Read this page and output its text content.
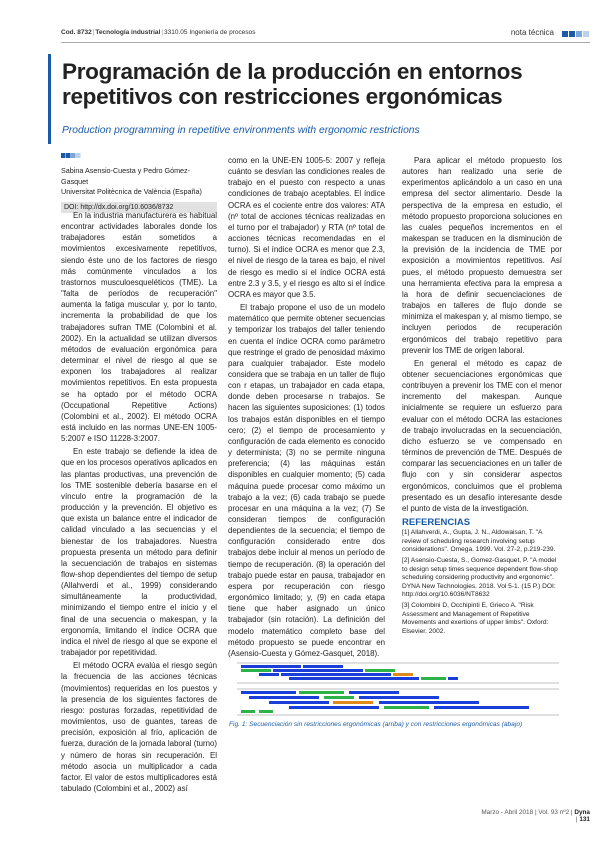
Cod. 8732|Tecnología industrial|3310.05 Ingeniería de procesos	nota técnica
Programación de la producción en entornos repetitivos con restricciones ergonómicas
Production programming in repetitive environments with ergonomic restrictions
Sabina Asensio-Cuesta y Pedro Gómez-Gasquet
Universitat Politècnica de València (España)
DOI: http://dx.doi.org/10.6036/8732

En la industria manufacturera es habitual encontrar actividades laborales donde los trabajadores están sometidos a movimientos excesivamente repetitivos, siendo éste uno de los factores de riesgo más comúnmente vinculados a los trastornos musculoesqueléticos (TME). La "falta de períodos de recuperación" aumenta la fatiga muscular y, por lo tanto, incrementa la probabilidad de que los trabajadores sufran TME (Colombini et al. 2002). En la actualidad se utilizan diversos métodos de evaluación ergonómica para determinar el nivel de riesgo al que se exponen los trabajadores al realizar movimientos repetitivos. En esta propuesta se ha optado por el método OCRA (Occupational Repetitive Actions) (Colombini et al., 2002). El método OCRA está incluido en las normas UNE-EN 1005-5:2007 e ISO 11228-3:2007.

En este trabajo se defiende la idea de que en los procesos operativos aplicados en las plantas productivas, una prevención de los TME sostenible debería basarse en el vínculo entre la programación de la producción y la prevención. El objetivo es que exista un balance entre el indicador de calidad vinculado a las secuencias y el bienestar de los trabajadores. Nuestra propuesta presenta un método para definir la secuenciación de trabajos en sistemas flow-shop dependientes del tiempo de setup (Allahverdi et al., 1999) considerando simultáneamente la productividad, minimizando el tiempo entre el inicio y el final de una secuencia o makespan, y la ergonomía, limitando el índice OCRA que indica el nivel de riesgo al que se expone el trabajador por repetitividad.

El método OCRA evalúa el riesgo según la frecuencia de las acciones técnicas (movimientos) requeridas en los puestos y la presencia de los siguientes factores de riesgo: posturas forzadas, repetitividad de movimientos, uso de guantes, tareas de precisión, exposición al frío, aplicación de fuerza, duración de la jornada laboral (turno) y número de horas sin recuperación. El método asocia un multiplicador a cada factor. El valor de estos multiplicadores está tabulado (Colombini et al., 2002) así

como en la UNE-EN 1005-5: 2007 y refleja cuánto se desvían las condiciones reales de trabajo en el puesto con respecto a unas condiciones de trabajo aceptables. El índice OCRA es el cociente entre dos valores: ATA (nº total de acciones técnicas realizadas en el turno por el trabajador) y RTA (nº total de acciones técnicas recomendadas en el turno). Si el índice OCRA es menor que 2.3, el nivel de riesgo de la tarea es bajo, el nivel de riesgo es medio si el índice OCRA está entre 2.3 y 3.5, y el riesgo es alto si el índice OCRA es mayor que 3.5.

El trabajo propone el uso de un modelo matemático que permite obtener secuencias y temporizar los trabajos del taller teniendo en cuenta el índice OCRA como parámetro que restringe el grado de penosidad máximo para cualquier trabajador. Este modelo considera que se trabaja en un taller de flujo con r etapas, un trabajador en cada etapa, donde deben procesarse n trabajos. Se hacen las siguientes suposiciones: (1) todos los trabajos están disponibles en el tiempo cero; (2) el tiempo de procesamiento y configuración de cada elemento es conocido y determinista; (3) no se permite ninguna preferencia; (4) las máquinas están disponibles en cualquier momento; (5) cada máquina puede procesar como máximo un trabajo a la vez; (6) cada trabajo se puede procesar en una máquina a la vez; (7) Se consideran tiempos de configuración dependientes de la secuencia; el tiempo de configuración considerado entre dos trabajos debe incluir al menos un período de tiempo de recuperación. (8) la operación del trabajo puede estar en pausa, trabajador en espera por recuperación con riesgo ergonómico limitado; y, (9) en cada etapa tiene que haber asignado un único trabajador (sin rotación). La definición del modelo matemático completo base del método propuesto se puede encontrar en (Asensio-Cuesta y Gómez-Gasquet, 2018).

Para aplicar el método propuesto los autores han realizado una serie de experimentos aplicándolo a un caso en una empresa del sector alimentario. Desde la perspectiva de la empresa en estudio, el método propuesto proporciona soluciones en las cuales pequeños incrementos en el makespan se traducen en la disminución de la previsión de la incidencia de TME por exposición a movimientos repetitivos. Así pues, el método propuesto demuestra ser una herramienta efectiva para la empresa a la hora de definir secuenciaciones de trabajos en talleres de flujo donde se minimiza el makespan y, al mismo tiempo, se incluyen periodos de recuperación ergonómicos del trabajo repetitivo para prevenir los TME de origen laboral.

En general el método es capaz de obtener secuenciaciones ergonómicas que contribuyen a prevenir los TME con el menor incremento del makespan. Aunque inicialmente se requiere un esfuerzo para evaluar con el método OCRA las estaciones de trabajo involucradas en la secuenciación, dicho esfuerzo se ve compensado en términos de prevención de TME. Después de comparar las secuenciaciones en un taller de flujo con y sin considerar aspectos ergonómicos, concluimos que el problema presentado es un desafío interesante desde el punto de vista de la investigación.

REFERENCIAS
[1] Allahverdi, A., Gupta, J. N., Aldowaisan, T. "A review of scheduling research involving setup considerations". Omega. 1999. Vol. 27-2, p.219-239.
[2] Asensio-Cuesta, S., Gomez-Gasquet, P. "A model to design setup times sequence dependent flow-shop scheduling considering productivity and ergonomic". DYNA New Technologies. 2018. Vol 5-1. (15 P.) DOI: http://doi.org/10.6036/NT8632
[3] Colombini D, Occhipinti E, Grieco A. "Risk Assessment and Management of Repetitive Movements and exertions of upper limbs". Oxford: Elsevier. 2002.
Fig. 1: Secuenciación sin restricciones ergonómicas (arriba) y con restricciones ergonómicas (abajo)
Marzo - Abril 2018 | Vol. 93 nº2 | Dyna | 131
